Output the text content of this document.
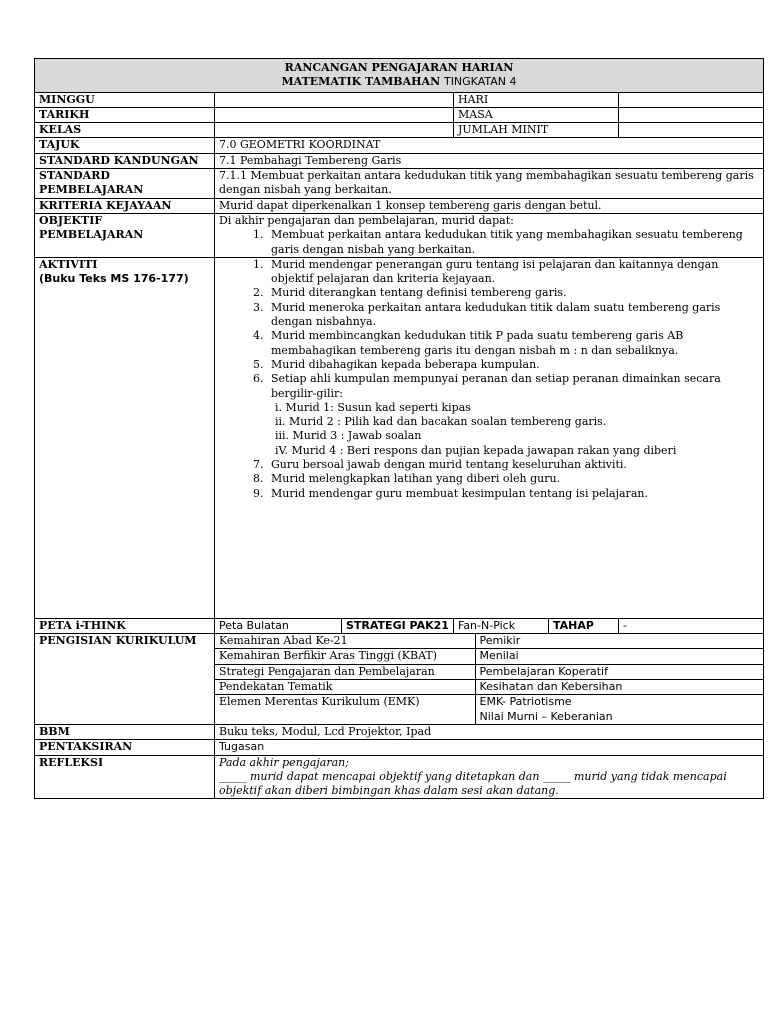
RANCANGAN PENGAJARAN HARIAN
MATEMATIK TAMBAHAN TINGKATAN 4

MINGGU		HARI	
TARIKH		MASA	
KELAS		JUMLAH MINIT	
TAJUK	7.0 GEOMETRI KOORDINAT
STANDARD KANDUNGAN	7.1 Pembahagi Tembereng Garis
STANDARD PEMBELAJARAN	7.1.1 Membuat perkaitan antara kedudukan titik yang membahagikan sesuatu tembereng garis dengan nisbah yang berkaitan.
KRITERIA KEJAYAAN	Murid dapat diperkenalkan 1 konsep tembereng garis dengan betul.
OBJEKTIF PEMBELAJARAN	
Di akhir pengajaran dan pembelajaran, murid dapat:
1. Membuat perkaitan antara kedudukan titik yang membahagikan sesuatu tembereng garis dengan nisbah yang berkaitan.

AKTIVITI
(Buku Teks MS 176-177)

1. Murid mendengar penerangan guru tentang isi pelajaran dan kaitannya dengan objektif pelajaran dan kriteria kejayaan.
2. Murid diterangkan tentang definisi tembereng garis.
3. Murid meneroka perkaitan antara kedudukan titik dalam suatu tembereng garis dengan nisbahnya.
4. Murid membincangkan kedudukan titik P pada suatu tembereng garis AB membahagikan tembereng garis itu dengan nisbah m : n dan sebaliknya.
5. Murid dibahagikan kepada beberapa kumpulan.
6. Setiap ahli kumpulan mempunyai peranan dan setiap peranan dimainkan secara bergilir-gilir:
i. Murid 1: Susun kad seperti kipas
ii. Murid 2 : Pilih kad dan bacakan soalan tembereng garis.
iii. Murid 3 : Jawab soalan
iV. Murid 4 : Beri respons dan pujian kepada jawapan rakan yang diberi
7. Guru bersoal jawab dengan murid tentang keseluruhan aktiviti.
8. Murid melengkapkan latihan yang diberi oleh guru.
9. Murid mendengar guru membuat kesimpulan tentang isi pelajaran.

PETA i-THINK	Peta Bulatan	STRATEGI PAK21	Fan-N-Pick	TAHAP	-
PENGISIAN KURIKULUM	Kemahiran Abad Ke-21	Pemikir
Kemahiran Berfikir Aras Tinggi (KBAT)	Menilai
Strategi Pengajaran dan Pembelajaran	Pembelajaran Koperatif
Pendekatan Tematik	Kesihatan dan Kebersihan
Elemen Merentas Kurikulum (EMK)	EMK- Patriotisme
Nilai Murni – Keberanian

BBM	Buku teks, Modul, Lcd Projektor, Ipad
PENTAKSIRAN	Tugasan
REFLEKSI	Pada akhir pengajaran;
_____ murid dapat mencapai objektif yang ditetapkan dan _____ murid yang tidak mencapai objektif akan diberi bimbingan khas dalam sesi akan datang.
